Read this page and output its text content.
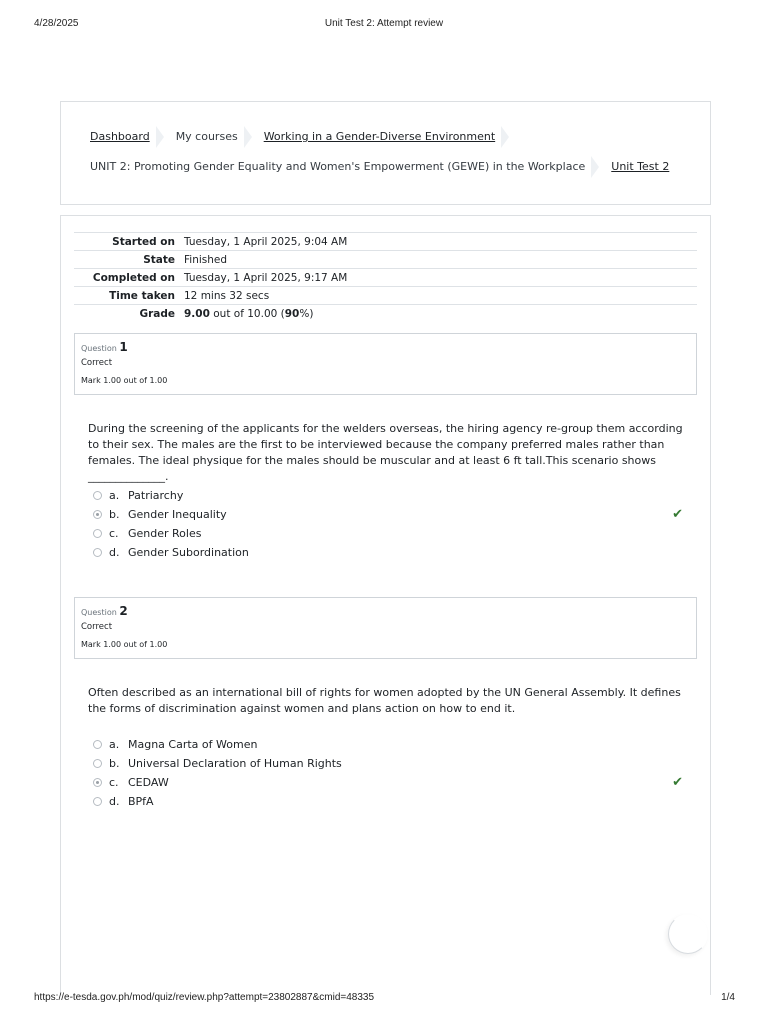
4/28/2025	Unit Test 2: Attempt review
Dashboard My courses Working in a Gender-Diverse Environment
UNIT 2: Promoting Gender Equality and Women's Empowerment (GEWE) in the Workplace Unit Test 2
Started on	Tuesday, 1 April 2025, 9:04 AM
State	Finished
Completed on	Tuesday, 1 April 2025, 9:17 AM
Time taken	12 mins 32 secs
Grade	9.00 out of 10.00 (90%)
Question 1
Correct
Mark 1.00 out of 1.00
During the screening of the applicants for the welders overseas, the hiring agency re-group them according to their sex. The males are the first to be interviewed because the company preferred males rather than females. The ideal physique for the males should be muscular and at least 6 ft tall.This scenario shows ______________.
a. Patriarchy
b. Gender Inequality	✔
c. Gender Roles
d. Gender Subordination
Question 2
Correct
Mark 1.00 out of 1.00
Often described as an international bill of rights for women adopted by the UN General Assembly. It defines the forms of discrimination against women and plans action on how to end it.
a. Magna Carta of Women
b. Universal Declaration of Human Rights
c. CEDAW	✔
d. BPfA
https://e-tesda.gov.ph/mod/quiz/review.php?attempt=23802887&cmid=48335	1/4
